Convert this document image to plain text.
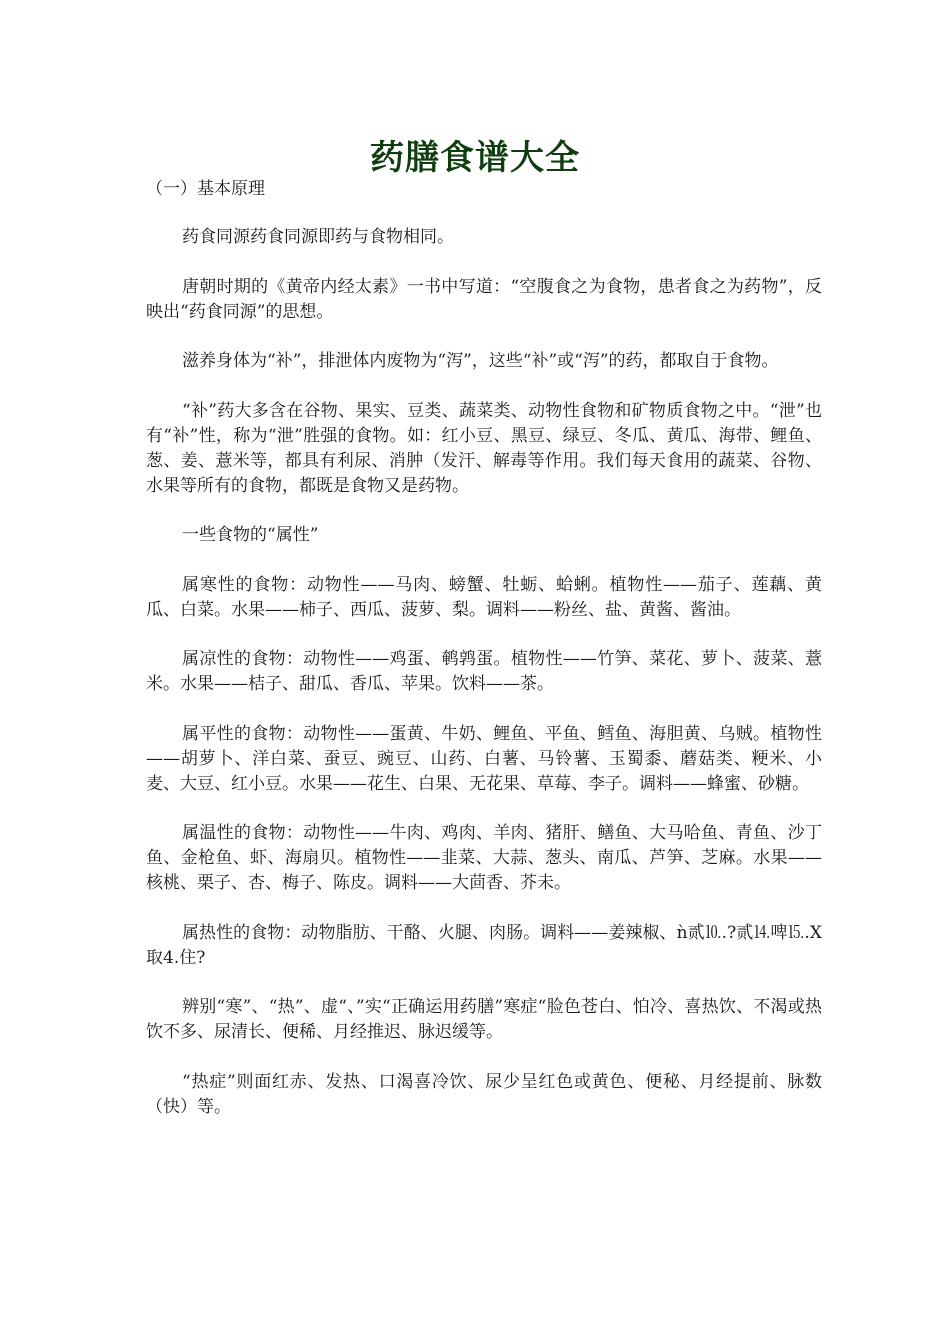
药膳食谱大全

（一）基本原理

药食同源药食同源即药与食物相同。

唐朝时期的《黄帝内经太素》一书中写道：“空腹食之为食物，患者食之为药物”，反映出“药食同源”的思想。

滋养身体为“补”，排泄体内废物为“泻”，这些“补”或“泻”的药，都取自于食物。

“补”药大多含在谷物、果实、豆类、蔬菜类、动物性食物和矿物质食物之中。“泄”也有“补”性，称为“泄”胜强的食物。如：红小豆、黑豆、绿豆、冬瓜、黄瓜、海带、鲤鱼、葱、姜、薏米等，都具有利尿、消肿（发汗、解毒等作用。我们每天食用的蔬菜、谷物、水果等所有的食物，都既是食物又是药物。

一些食物的“属性”

属寒性的食物：动物性——马肉、螃蟹、牡蛎、蛤蜊。植物性——茄子、莲藕、黄瓜、白菜。水果——柿子、西瓜、菠萝、梨。调料——粉丝、盐、黄酱、酱油。

属凉性的食物：动物性——鸡蛋、鹌鹑蛋。植物性——竹笋、菜花、萝卜、菠菜、薏米。水果——桔子、甜瓜、香瓜、苹果。饮料——茶。

属平性的食物：动物性——蛋黄、牛奶、鲤鱼、平鱼、鳕鱼、海胆黄、乌贼。植物性——胡萝卜、洋白菜、蚕豆、豌豆、山药、白薯、马铃薯、玉蜀黍、蘑菇类、粳米、小麦、大豆、红小豆。水果——花生、白果、无花果、草莓、李子。调料——蜂蜜、砂糖。

属温性的食物：动物性——牛肉、鸡肉、羊肉、猪肝、鳝鱼、大马哈鱼、青鱼、沙丁鱼、金枪鱼、虾、海扇贝。植物性——韭菜、大蒜、葱头、南瓜、芦笋、芝麻。水果——核桃、栗子、杏、梅子、陈皮。调料——大茴香、芥未。

属热性的食物：动物脂肪、干酪、火腿、肉肠。调料——姜辣椒、ǹ贰⒑.?贰⒕啤⒖.Ⅹ取4.住?

辨别“寒”、“热”、虚“、”实“正确运用药膳”寒症“脸色苍白、怕冷、喜热饮、不渴或热饮不多、尿清长、便稀、月经推迟、脉迟缓等。

“热症”则面红赤、发热、口渴喜冷饮、尿少呈红色或黄色、便秘、月经提前、脉数（快）等。
